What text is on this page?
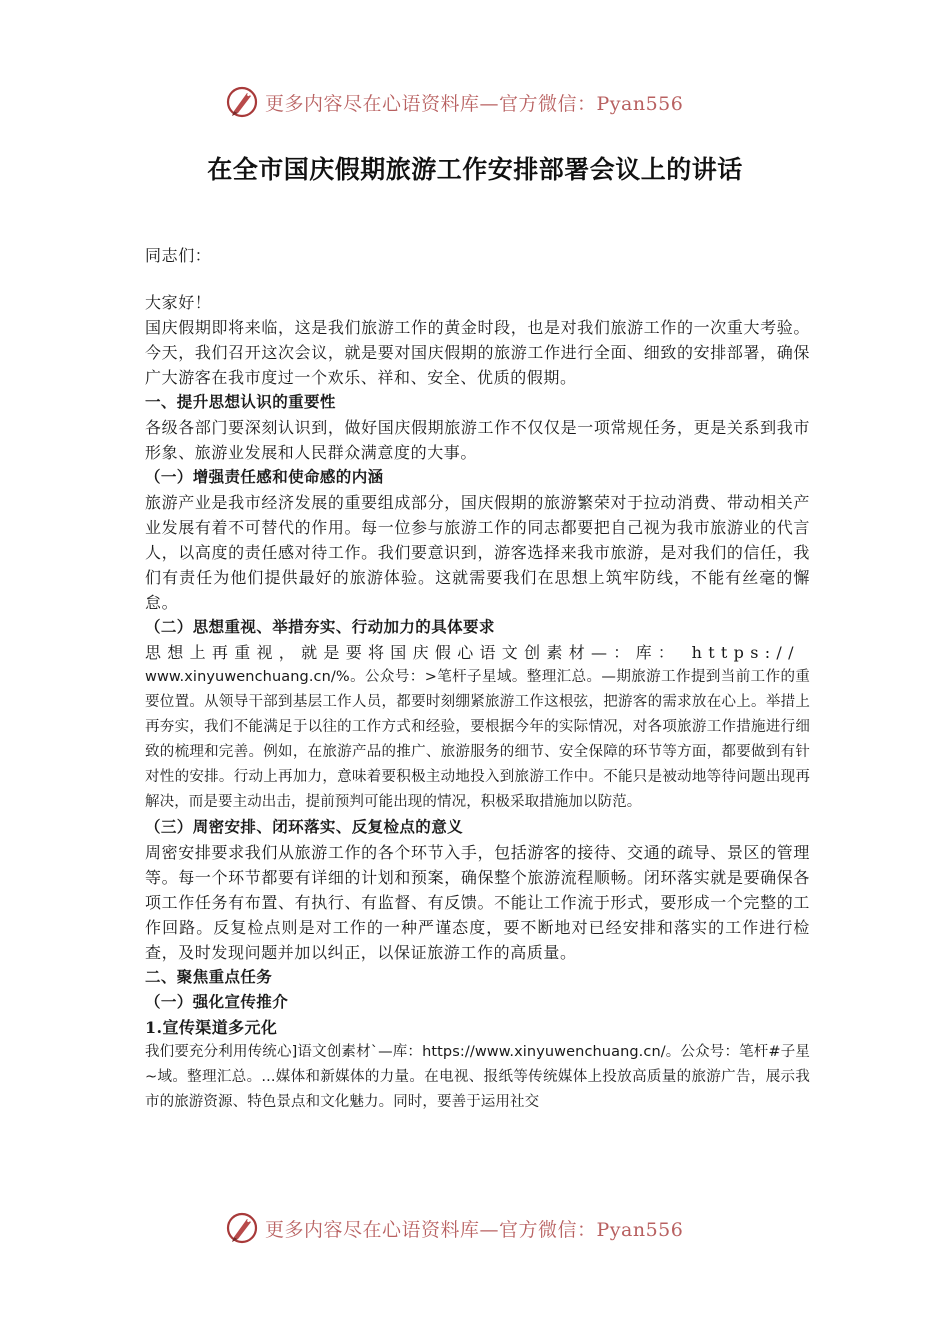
更多内容尽在心语资料库—官方微信：Pyan556
在全市国庆假期旅游工作安排部署会议上的讲话

同志们：

大家好！

国庆假期即将来临，这是我们旅游工作的黄金时段，也是对我们旅游工作的一次重大考验。今天，我们召开这次会议，就是要对国庆假期的旅游工作进行全面、细致的安排部署，确保广大游客在我市度过一个欢乐、祥和、安全、优质的假期。

一、提升思想认识的重要性

各级各部门要深刻认识到，做好国庆假期旅游工作不仅仅是一项常规任务，更是关系到我市形象、旅游业发展和人民群众满意度的大事。

（一）增强责任感和使命感的内涵

旅游产业是我市经济发展的重要组成部分，国庆假期的旅游繁荣对于拉动消费、带动相关产业发展有着不可替代的作用。每一位参与旅游工作的同志都要把自己视为我市旅游业的代言人，以高度的责任感对待工作。我们要意识到，游客选择来我市旅游，是对我们的信任，我们有责任为他们提供最好的旅游体验。这就需要我们在思想上筑牢防线，不能有丝毫的懈怠。

（二）思想重视、举措夯实、行动加力的具体要求

思想上再重视，就是要将国庆假心语文创素材—：库： https://

www.xinyuwenchuang.cn/%。公众号：>笔杆子星域。整理汇总。—期旅游工作提到当前工作的重要位置。从领导干部到基层工作人员，都要时刻绷紧旅游工作这根弦，把游客的需求放在心上。举措上再夯实，我们不能满足于以往的工作方式和经验，要根据今年的实际情况，对各项旅游工作措施进行细致的梳理和完善。例如，在旅游产品的推广、旅游服务的细节、安全保障的环节等方面，都要做到有针对性的安排。行动上再加力，意味着要积极主动地投入到旅游工作中。不能只是被动地等待问题出现再解决，而是要主动出击，提前预判可能出现的情况，积极采取措施加以防范。

（三）周密安排、闭环落实、反复检点的意义

周密安排要求我们从旅游工作的各个环节入手，包括游客的接待、交通的疏导、景区的管理等。每一个环节都要有详细的计划和预案，确保整个旅游流程顺畅。闭环落实就是要确保各项工作任务有布置、有执行、有监督、有反馈。不能让工作流于形式，要形成一个完整的工作回路。反复检点则是对工作的一种严谨态度，要不断地对已经安排和落实的工作进行检查，及时发现问题并加以纠正，以保证旅游工作的高质量。

二、聚焦重点任务

（一）强化宣传推介

1.宣传渠道多元化

我们要充分利用传统心]语文创素材`—库：https://www.xinyuwenchuang.cn/。公众号：笔杆#子星~域。整理汇总。...媒体和新媒体的力量。在电视、报纸等传统媒体上投放高质量的旅游广告，展示我市的旅游资源、特色景点和文化魅力。同时，要善于运用社交

更多内容尽在心语资料库—官方微信：Pyan556
